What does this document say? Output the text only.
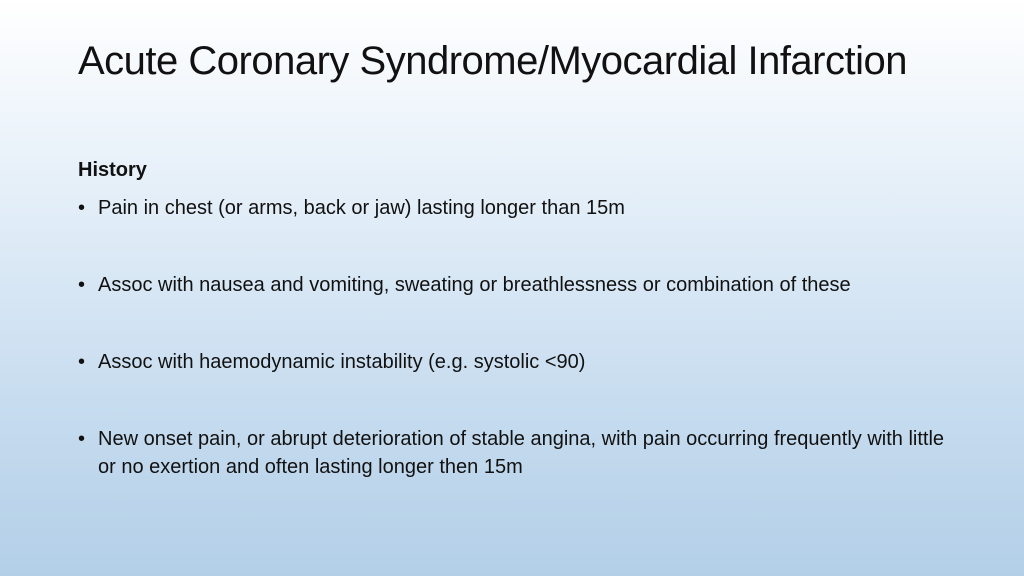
Acute Coronary Syndrome/Myocardial Infarction
History
• Pain in chest (or arms, back or jaw) lasting longer than 15m
• Assoc with nausea and vomiting, sweating or breathlessness or combination of these
• Assoc with haemodynamic instability (e.g. systolic <90)
• New onset pain, or abrupt deterioration of stable angina, with pain occurring frequently with little or no exertion and often lasting longer then 15m
